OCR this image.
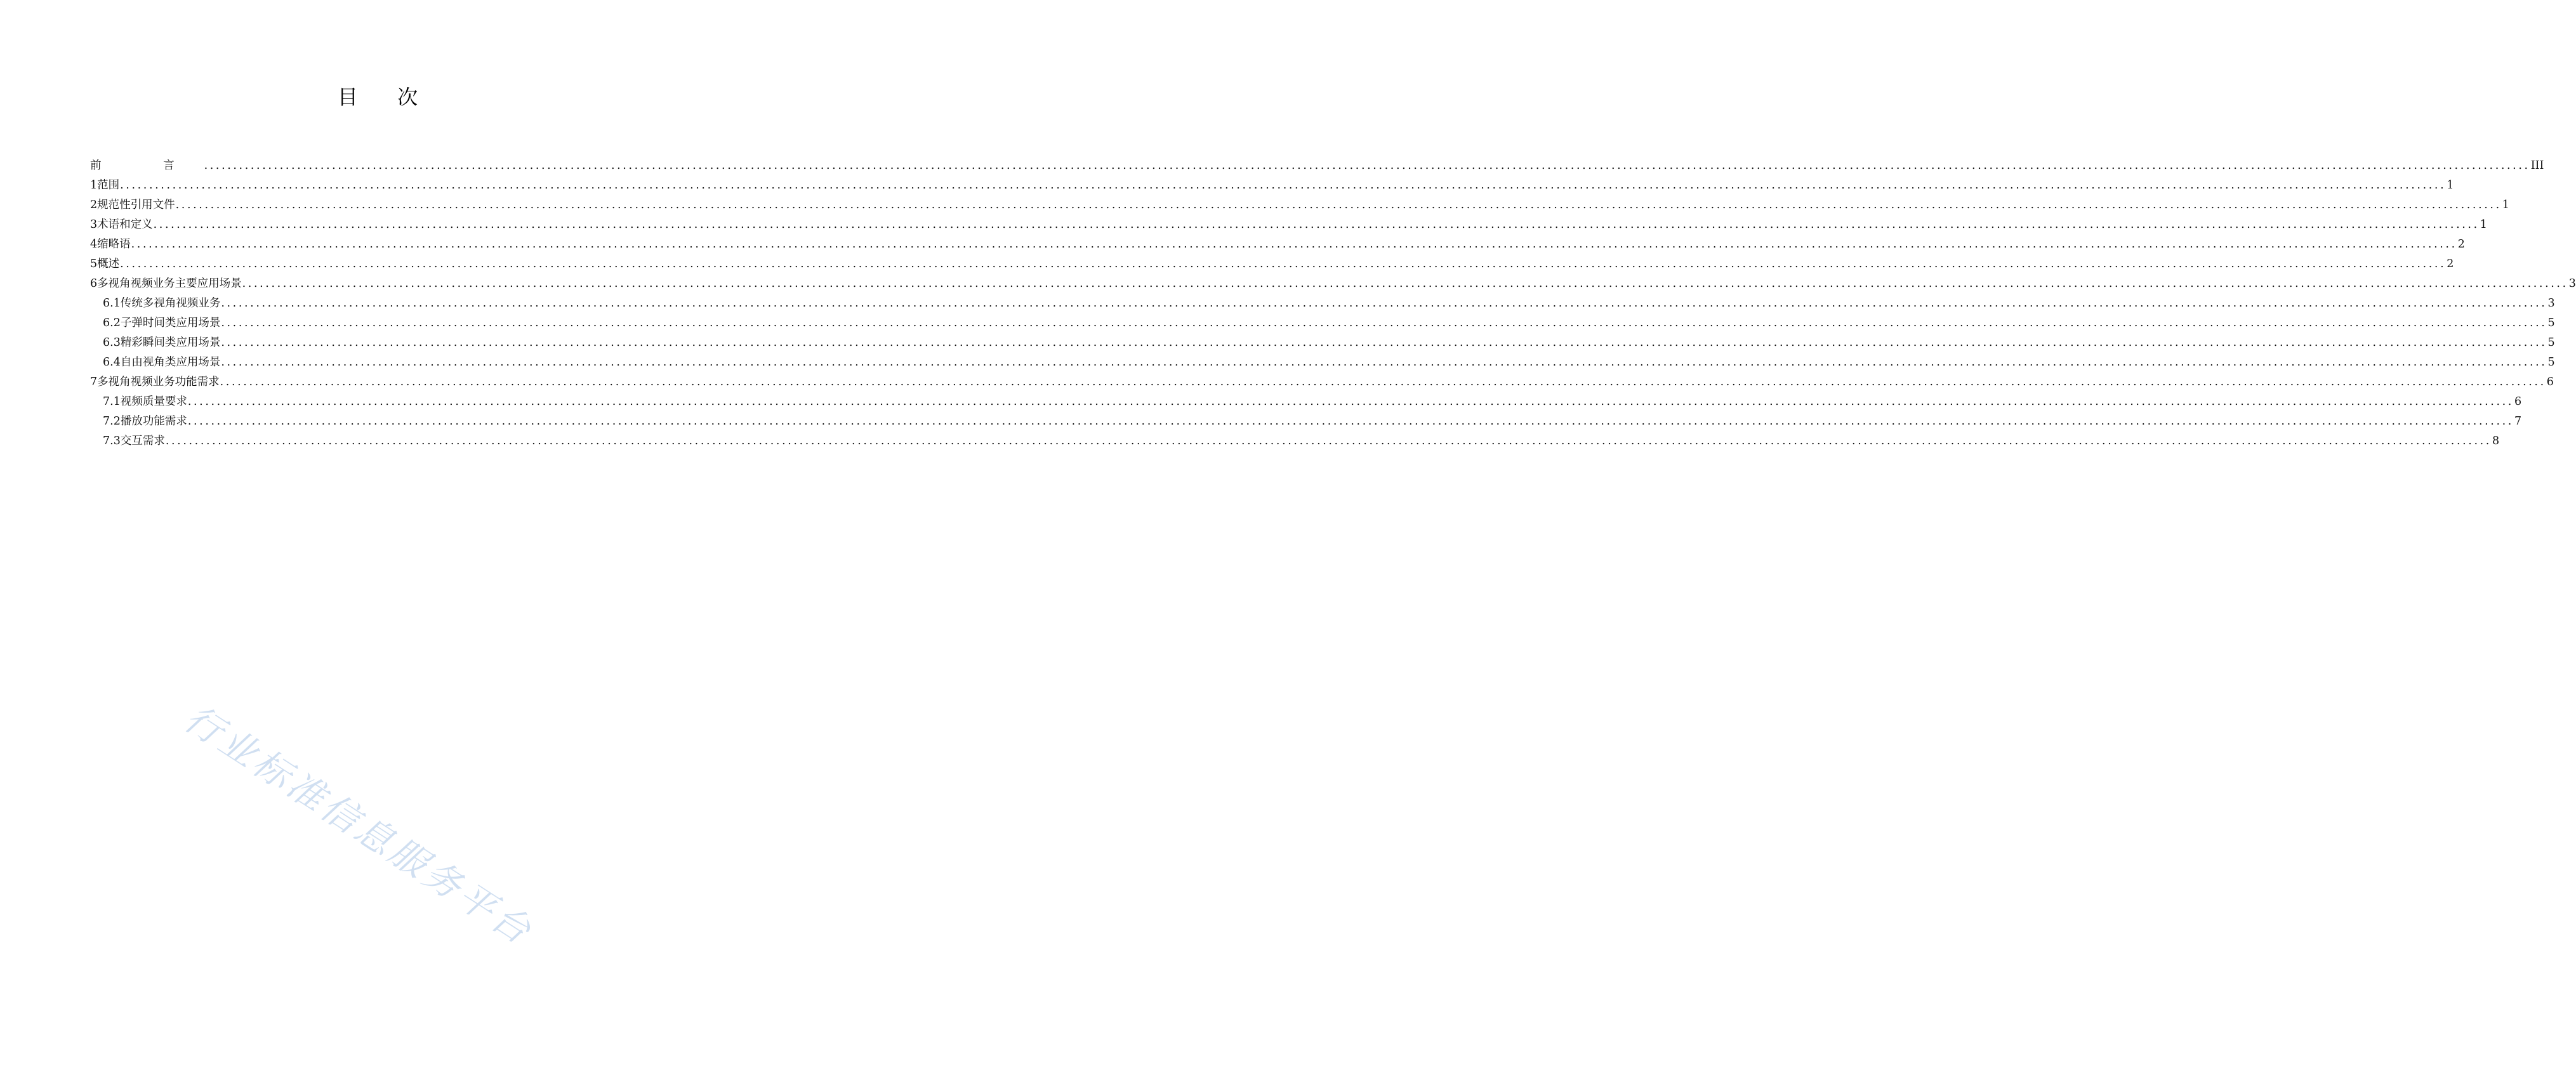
目 次
前 言 ................................................................................................................................................................................................................................................................................................................................................................................................................ III
1 范围 ................................................................................................................................................................................................................................................................................................................................................................................................................ 1
2 规范性引用文件 ................................................................................................................................................................................................................................................................................................................................................................................................................ 1
3 术语和定义 ................................................................................................................................................................................................................................................................................................................................................................................................................ 1
4 缩略语 ................................................................................................................................................................................................................................................................................................................................................................................................................ 2
5 概述 ................................................................................................................................................................................................................................................................................................................................................................................................................ 2
6 多视角视频业务主要应用场景 ................................................................................................................................................................................................................................................................................................................................................................................................................ 3
6.1 传统多视角视频业务 ................................................................................................................................................................................................................................................................................................................................................................................................................ 3
6.2 子弹时间类应用场景 ................................................................................................................................................................................................................................................................................................................................................................................................................ 5
6.3 精彩瞬间类应用场景 ................................................................................................................................................................................................................................................................................................................................................................................................................ 5
6.4 自由视角类应用场景 ................................................................................................................................................................................................................................................................................................................................................................................................................ 5
7 多视角视频业务功能需求 ................................................................................................................................................................................................................................................................................................................................................................................................................ 6
7.1 视频质量要求 ................................................................................................................................................................................................................................................................................................................................................................................................................ 6
7.2 播放功能需求 ................................................................................................................................................................................................................................................................................................................................................................................................................ 7
7.3 交互需求 ................................................................................................................................................................................................................................................................................................................................................................................................................ 8
行业标准信息服务平台
